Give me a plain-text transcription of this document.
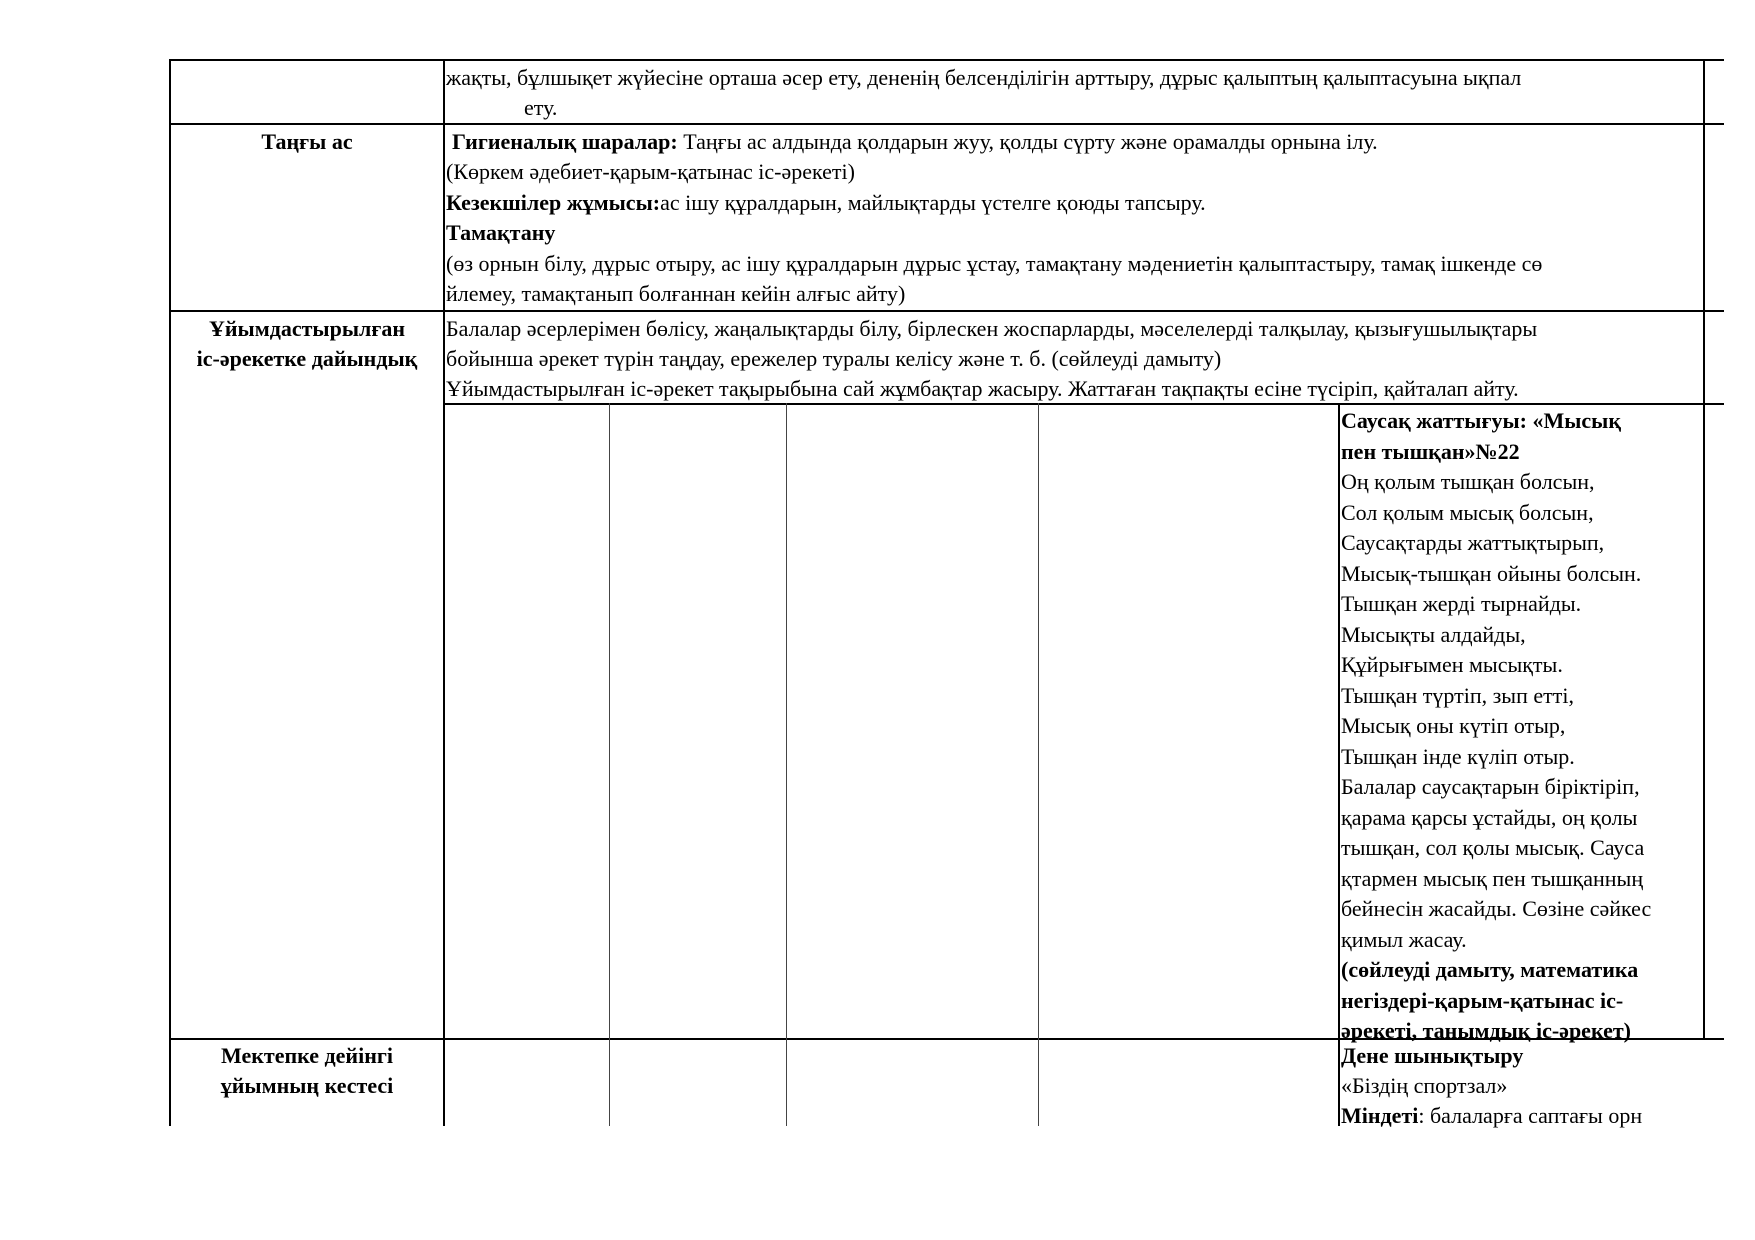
жақты, бұлшықет жүйесіне орташа әсер ету, дененің белсенділігін арттыру, дұрыс қалыптың қалыптасуына ықпал
ету.
Таңғы ас	Гигиеналық шаралар: Таңғы ас алдында қолдарын жуу, қолды сүрту және орамалды орнына ілу.
(Көркем әдебиет-қарым-қатынас іс-әрекеті)
Кезекшілер жұмысы:ас ішу құралдарын, майлықтарды үстелге қоюды тапсыру.
Тамақтану
(өз орнын білу, дұрыс отыру, ас ішу құралдарын дұрыс ұстау, тамақтану мәдениетін қалыптастыру, тамақ ішкенде сө
йлемеу, тамақтанып болғаннан кейін алғыс айту)
Ұйымдастырылған
іс-әрекетке дайындық
Балалар әсерлерімен бөлісу, жаңалықтарды білу, бірлескен жоспарларды, мәселелерді талқылау, қызығушылықтары
бойынша әрекет түрін таңдау, ережелер туралы келісу және т. б. (сөйлеуді дамыту)
Ұйымдастырылған іс-әрекет тақырыбына сай жұмбақтар жасыру. Жаттаған тақпақты есіне түсіріп, қайталап айту.
Саусақ жаттығуы: «Мысық
пен тышқан»№22
Оң қолым тышқан болсын,
Сол қолым мысық болсын,
Саусақтарды жаттықтырып,
Мысық-тышқан ойыны болсын.
Тышқан жерді тырнайды.
Мысықты алдайды,
Құйрығымен мысықты.
Тышқан түртіп, зып етті,
Мысық оны күтіп отыр,
Тышқан інде күліп отыр.
Балалар саусақтарын біріктіріп,
қарама қарсы ұстайды, оң қолы
тышқан, сол қолы мысық. Сауса
қтармен мысық пен тышқанның
бейнесін жасайды. Сөзіне сәйкес
қимыл жасау.
(сөйлеуді дамыту, математика
негіздері-қарым-қатынас іс-
әрекеті, танымдық іс-әрекет)
Мектепке дейінгі
ұйымның кестесі
Дене шынықтыру
«Біздің спортзал»
Міндеті: балаларға саптағы орн
